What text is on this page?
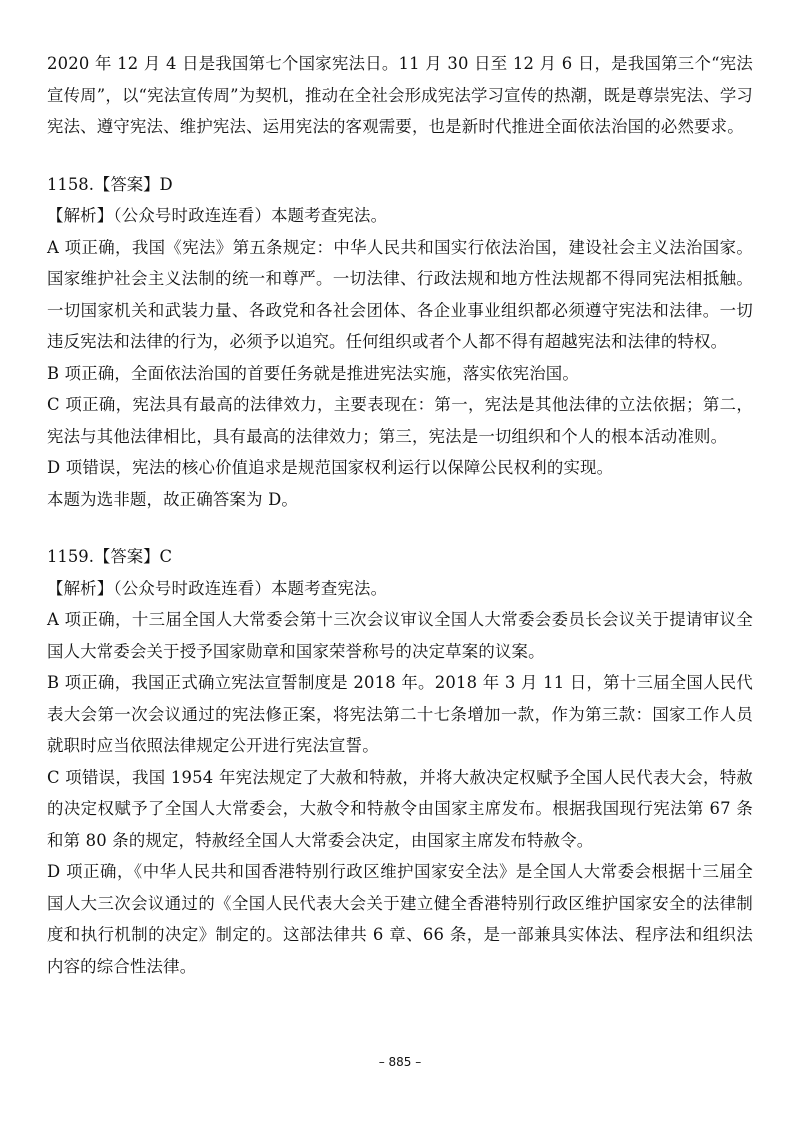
2020 年 12 月 4 日是我国第七个国家宪法日。11 月 30 日至 12 月 6 日，是我国第三个“宪法宣传周”，以“宪法宣传周”为契机，推动在全社会形成宪法学习宣传的热潮，既是尊崇宪法、学习宪法、遵守宪法、维护宪法、运用宪法的客观需要，也是新时代推进全面依法治国的必然要求。

1158.【答案】D

【解析】（公众号时政连连看）本题考查宪法。

A 项正确，我国《宪法》第五条规定：中华人民共和国实行依法治国，建设社会主义法治国家。国家维护社会主义法制的统一和尊严。一切法律、行政法规和地方性法规都不得同宪法相抵触。一切国家机关和武装力量、各政党和各社会团体、各企业事业组织都必须遵守宪法和法律。一切违反宪法和法律的行为，必须予以追究。任何组织或者个人都不得有超越宪法和法律的特权。

B 项正确，全面依法治国的首要任务就是推进宪法实施，落实依宪治国。

C 项正确，宪法具有最高的法律效力，主要表现在：第一，宪法是其他法律的立法依据；第二，宪法与其他法律相比，具有最高的法律效力；第三，宪法是一切组织和个人的根本活动准则。

D 项错误，宪法的核心价值追求是规范国家权利运行以保障公民权利的实现。

本题为选非题，故正确答案为 D。

1159.【答案】C

【解析】（公众号时政连连看）本题考查宪法。

A 项正确，十三届全国人大常委会第十三次会议审议全国人大常委会委员长会议关于提请审议全国人大常委会关于授予国家勋章和国家荣誉称号的决定草案的议案。

B 项正确，我国正式确立宪法宣誓制度是 2018 年。2018 年 3 月 11 日，第十三届全国人民代表大会第一次会议通过的宪法修正案，将宪法第二十七条增加一款，作为第三款：国家工作人员就职时应当依照法律规定公开进行宪法宣誓。

C 项错误，我国 1954 年宪法规定了大赦和特赦，并将大赦决定权赋予全国人民代表大会，特赦的决定权赋予了全国人大常委会，大赦令和特赦令由国家主席发布。根据我国现行宪法第 67 条和第 80 条的规定，特赦经全国人大常委会决定，由国家主席发布特赦令。

D 项正确，《中华人民共和国香港特别行政区维护国家安全法》是全国人大常委会根据十三届全国人大三次会议通过的《全国人民代表大会关于建立健全香港特别行政区维护国家安全的法律制度和执行机制的决定》制定的。这部法律共 6 章、66 条，是一部兼具实体法、程序法和组织法内容的综合性法律。

– 885 –
